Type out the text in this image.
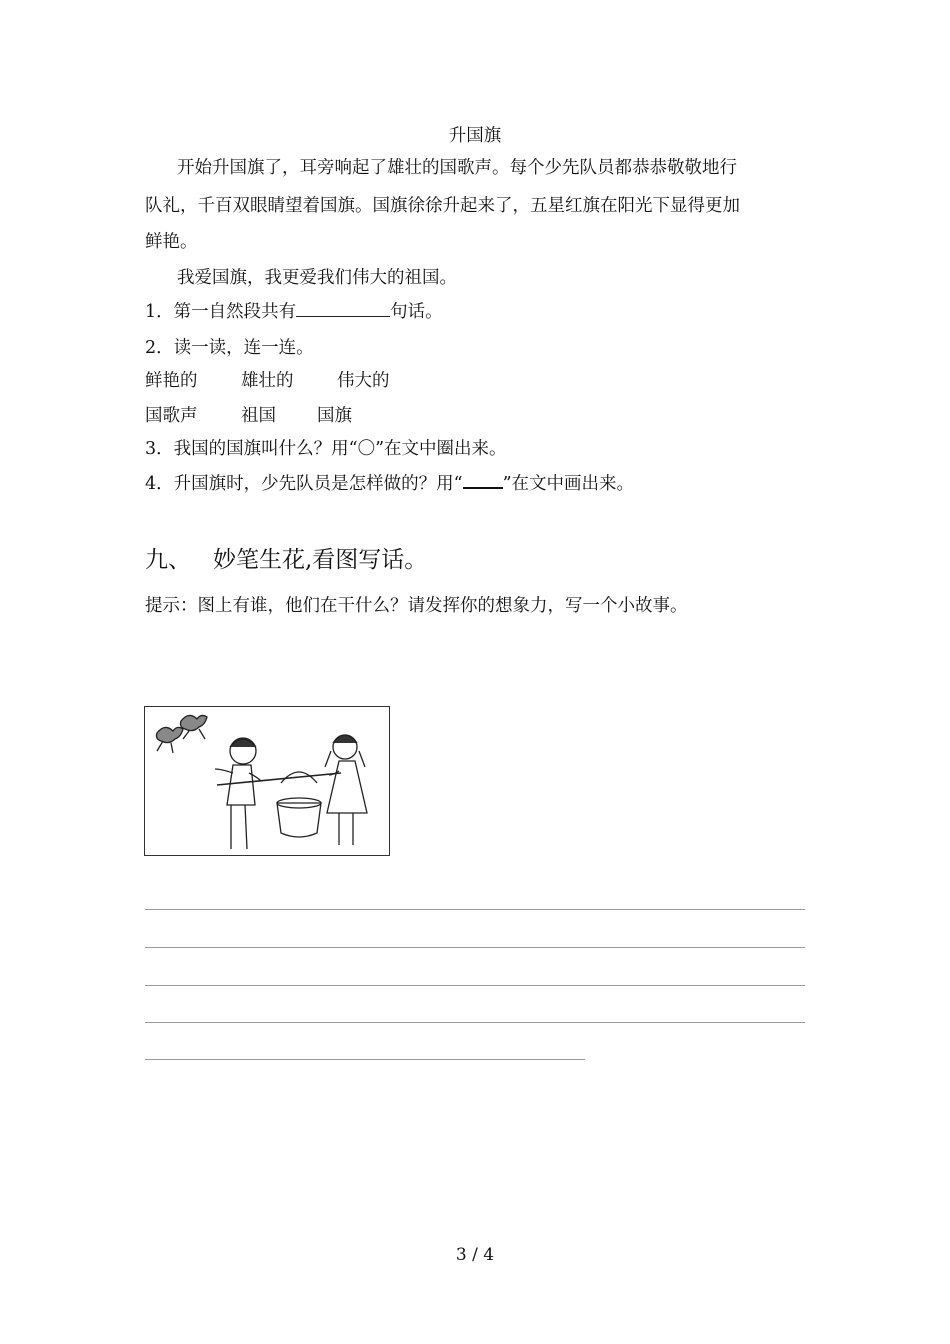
升国旗
开始升国旗了，耳旁响起了雄壮的国歌声。每个少先队员都恭恭敬敬地行
队礼，千百双眼睛望着国旗。国旗徐徐升起来了，五星红旗在阳光下显得更加
鲜艳。
我爱国旗，我更爱我们伟大的祖国。
1．第一自然段共有	句话。
2．读一读，连一连。
鲜艳的 雄壮的 伟大的
国歌声 祖国 国旗
3．我国的国旗叫什么？用“〇”在文中圈出来。
4．升国旗时，少先队员是怎样做的？用“ ”在文中画出来。
九、 妙笔生花,看图写话。
提示：图上有谁，他们在干什么？请发挥你的想象力，写一个小故事。
3 / 4
